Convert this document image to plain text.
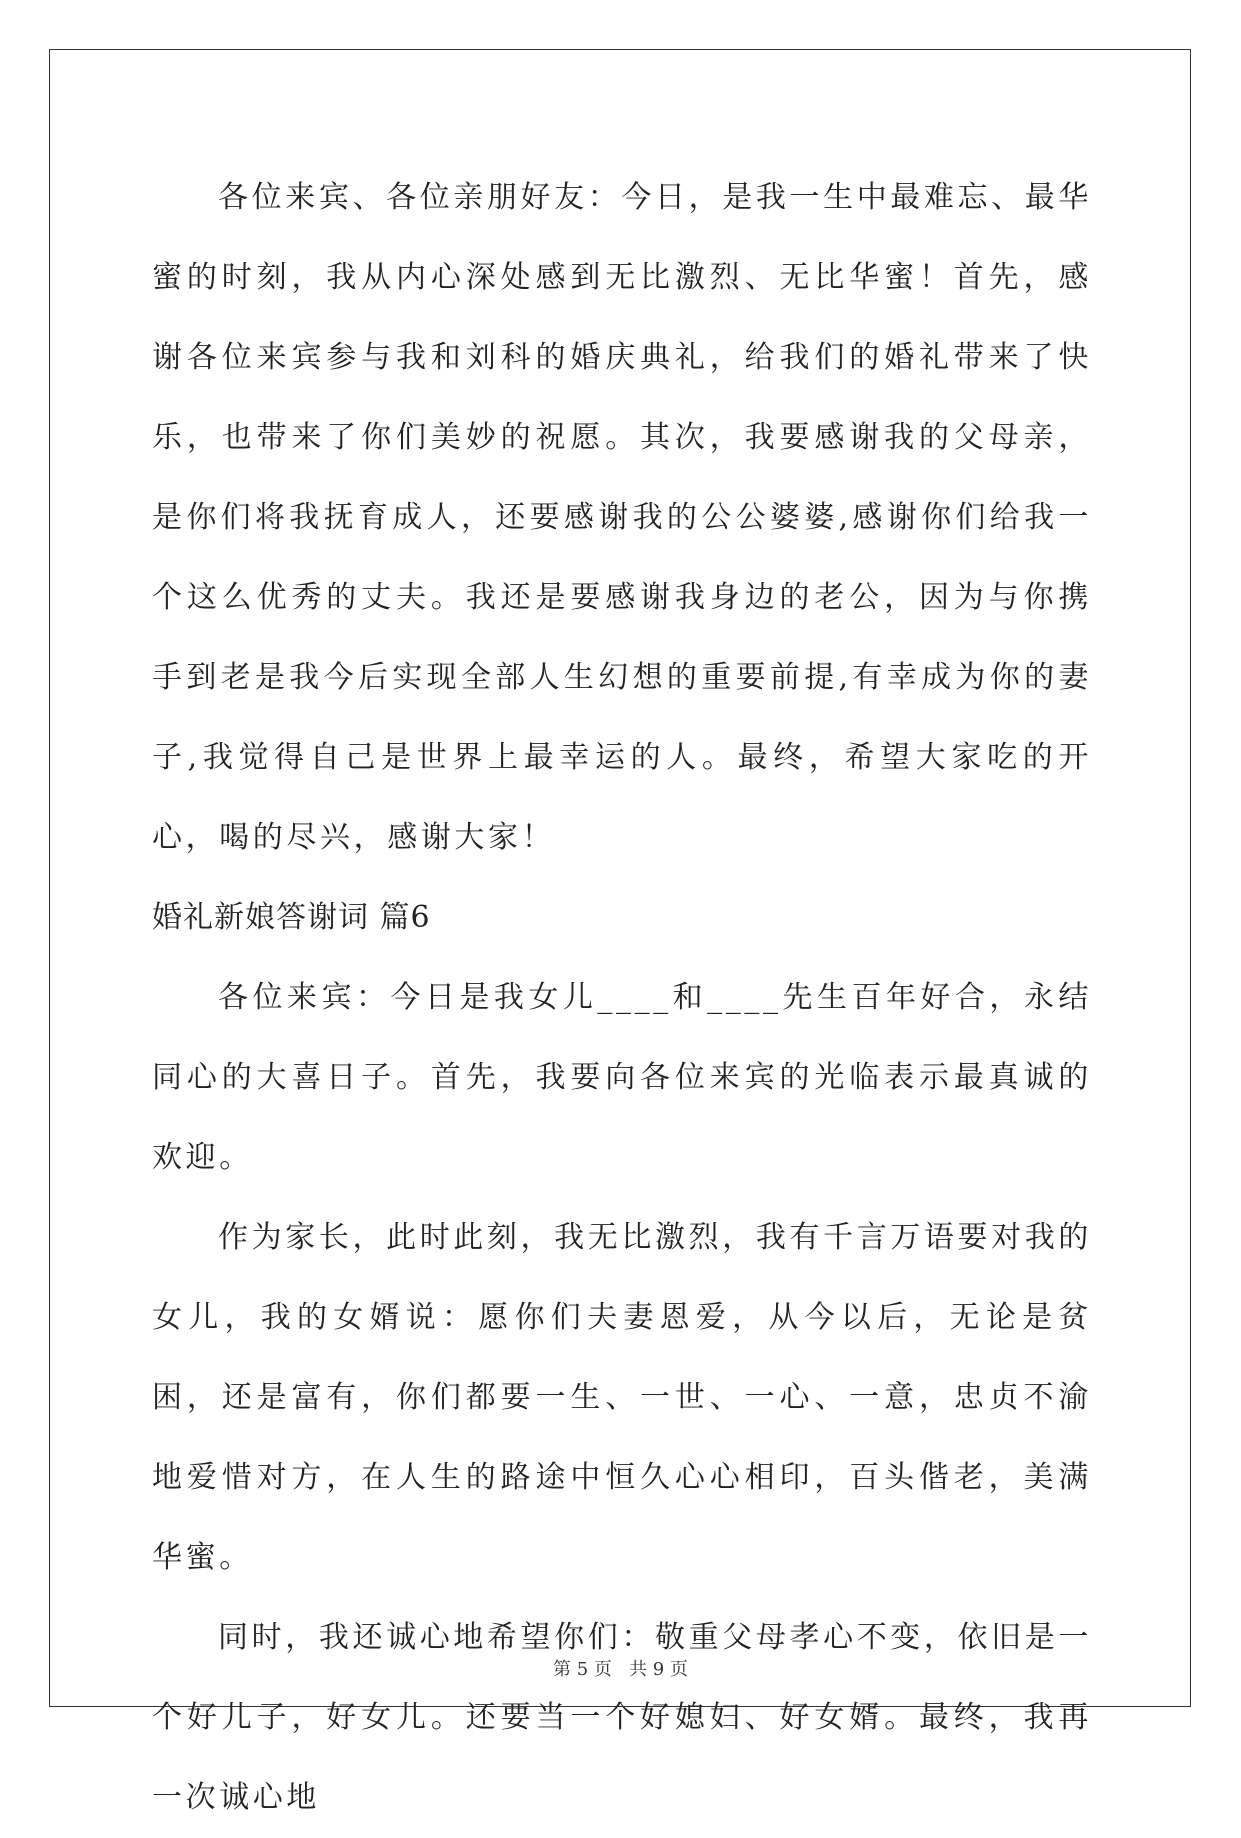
各位来宾、各位亲朋好友：今日，是我一生中最难忘、最华蜜的时刻，我从内心深处感到无比激烈、无比华蜜！首先，感谢各位来宾参与我和刘科的婚庆典礼，给我们的婚礼带来了快乐，也带来了你们美妙的祝愿。其次，我要感谢我的父母亲，是你们将我抚育成人，还要感谢我的公公婆婆,感谢你们给我一个这么优秀的丈夫。我还是要感谢我身边的老公，因为与你携手到老是我今后实现全部人生幻想的重要前提,有幸成为你的妻子,我觉得自己是世界上最幸运的人。最终，希望大家吃的开心，喝的尽兴，感谢大家！

婚礼新娘答谢词 篇6

各位来宾：今日是我女儿____和____先生百年好合，永结同心的大喜日子。首先，我要向各位来宾的光临表示最真诚的欢迎。

作为家长，此时此刻，我无比激烈，我有千言万语要对我的女儿，我的女婿说：愿你们夫妻恩爱，从今以后，无论是贫困，还是富有，你们都要一生、一世、一心、一意，忠贞不渝地爱惜对方，在人生的路途中恒久心心相印，百头偕老，美满华蜜。

同时，我还诚心地希望你们：敬重父母孝心不变，依旧是一个好儿子，好女儿。还要当一个好媳妇、好女婿。最终，我再一次诚心地

第 5 页   共 9 页
